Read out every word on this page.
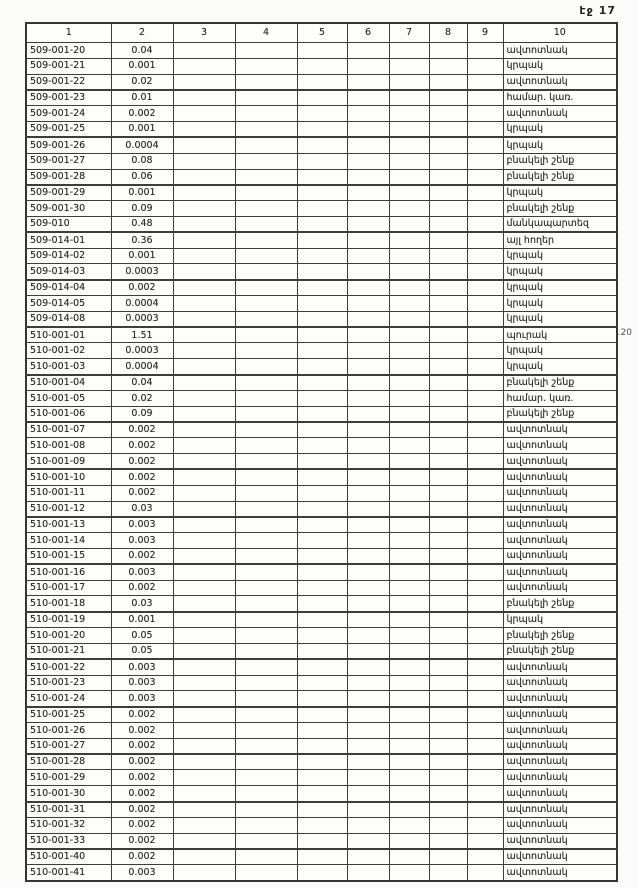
էջ 17
.20
1	2	3	4	5	6	7	8	9	10
509-001-20	0.04								ավտոտնակ
509-001-21	0.001								կրպակ
509-001-22	0.02								ավտոտնակ
509-001-23	0.01								համար. կառ.
509-001-24	0.002								ավտոտնակ
509-001-25	0.001								կրպակ
509-001-26	0.0004								կրպակ
509-001-27	0.08								բնակելի շենք
509-001-28	0.06								բնակելի շենք
509-001-29	0.001								կրպակ
509-001-30	0.09								բնակելի շենք
509-010	0.48								մանկապարտեզ
509-014-01	0.36								այլ հողեր
509-014-02	0.001								կրպակ
509-014-03	0.0003								կրպակ
509-014-04	0.002								կրպակ
509-014-05	0.0004								կրպակ
509-014-08	0.0003								կրպակ
510-001-01	1.51								պուրակ
510-001-02	0.0003								կրպակ
510-001-03	0.0004								կրպակ
510-001-04	0.04								բնակելի շենք
510-001-05	0.02								համար. կառ.
510-001-06	0.09								բնակելի շենք
510-001-07	0.002								ավտոտնակ
510-001-08	0.002								ավտոտնակ
510-001-09	0.002								ավտոտնակ
510-001-10	0.002								ավտոտնակ
510-001-11	0.002								ավտոտնակ
510-001-12	0.03								ավտոտնակ
510-001-13	0.003								ավտոտնակ
510-001-14	0.003								ավտոտնակ
510-001-15	0.002								ավտոտնակ
510-001-16	0.003								ավտոտնակ
510-001-17	0.002								ավտոտնակ
510-001-18	0.03								բնակելի շենք
510-001-19	0.001								կրպակ
510-001-20	0.05								բնակելի շենք
510-001-21	0.05								բնակելի շենք
510-001-22	0.003								ավտոտնակ
510-001-23	0.003								ավտոտնակ
510-001-24	0.003								ավտոտնակ
510-001-25	0.002								ավտոտնակ
510-001-26	0.002								ավտոտնակ
510-001-27	0.002								ավտոտնակ
510-001-28	0.002								ավտոտնակ
510-001-29	0.002								ավտոտնակ
510-001-30	0.002								ավտոտնակ
510-001-31	0.002								ավտոտնակ
510-001-32	0.002								ավտոտնակ
510-001-33	0.002								ավտոտնակ
510-001-40	0.002								ավտոտնակ
510-001-41	0.003								ավտոտնակ
